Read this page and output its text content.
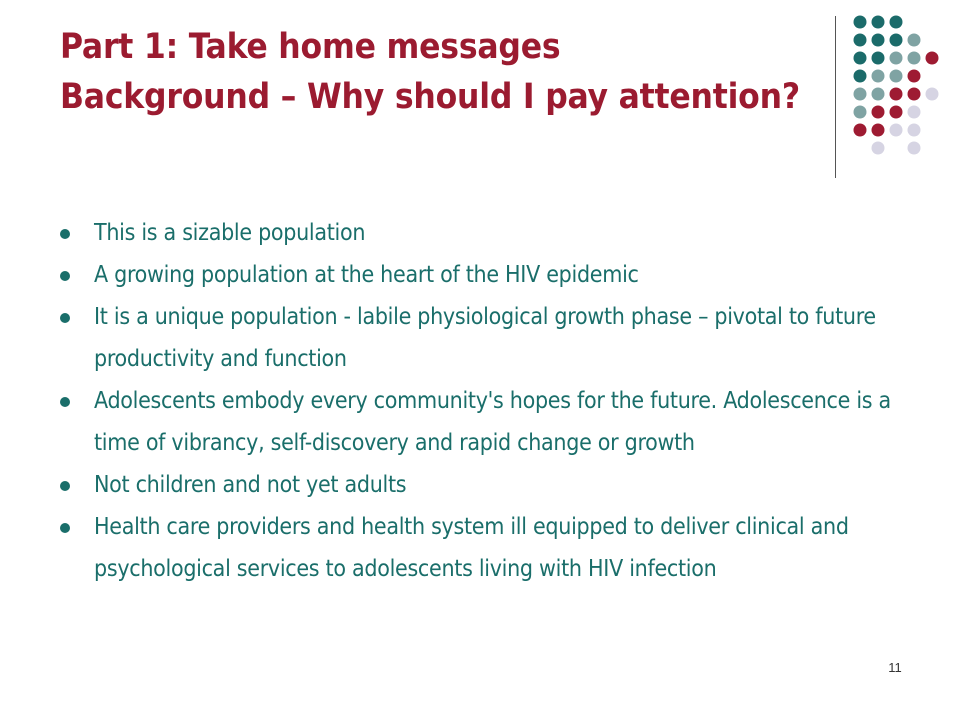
Part 1: Take home messages
Background – Why should I pay attention?
This is a sizable population
A growing population at the heart of the HIV epidemic
It is a unique population - labile physiological growth phase – pivotal to future productivity and function
Adolescents embody every community's hopes for the future. Adolescence is a time of vibrancy, self-discovery and rapid change or growth
Not children and not yet adults
Health care providers and health system ill equipped to deliver clinical and psychological services to adolescents living with HIV infection
11
